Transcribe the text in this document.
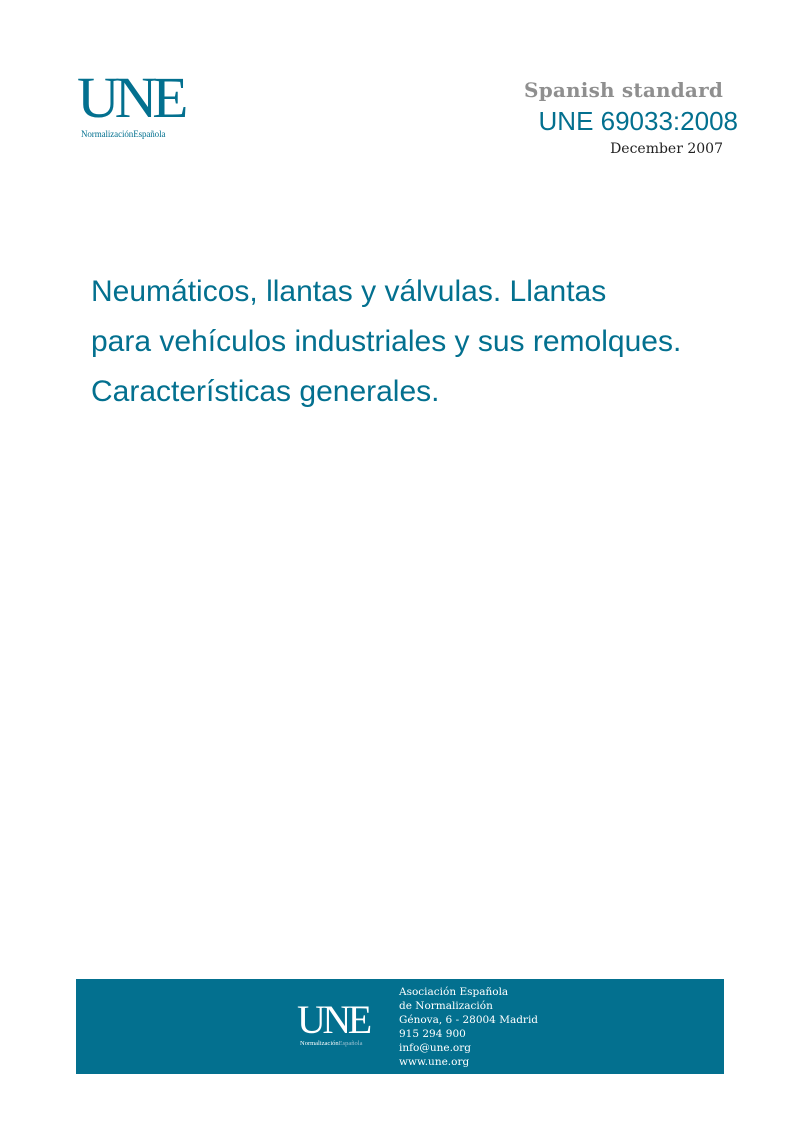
UNE
NormalizaciónEspañola
Spanish standard
UNE 69033:2008
December 2007
Neumáticos, llantas y válvulas. Llantas
para vehículos industriales y sus remolques.
Características generales.
UNE
NormalizaciónEspañola
Asociación Española
de Normalización
Génova, 6 - 28004 Madrid
915 294 900
info@une.org
www.une.org
